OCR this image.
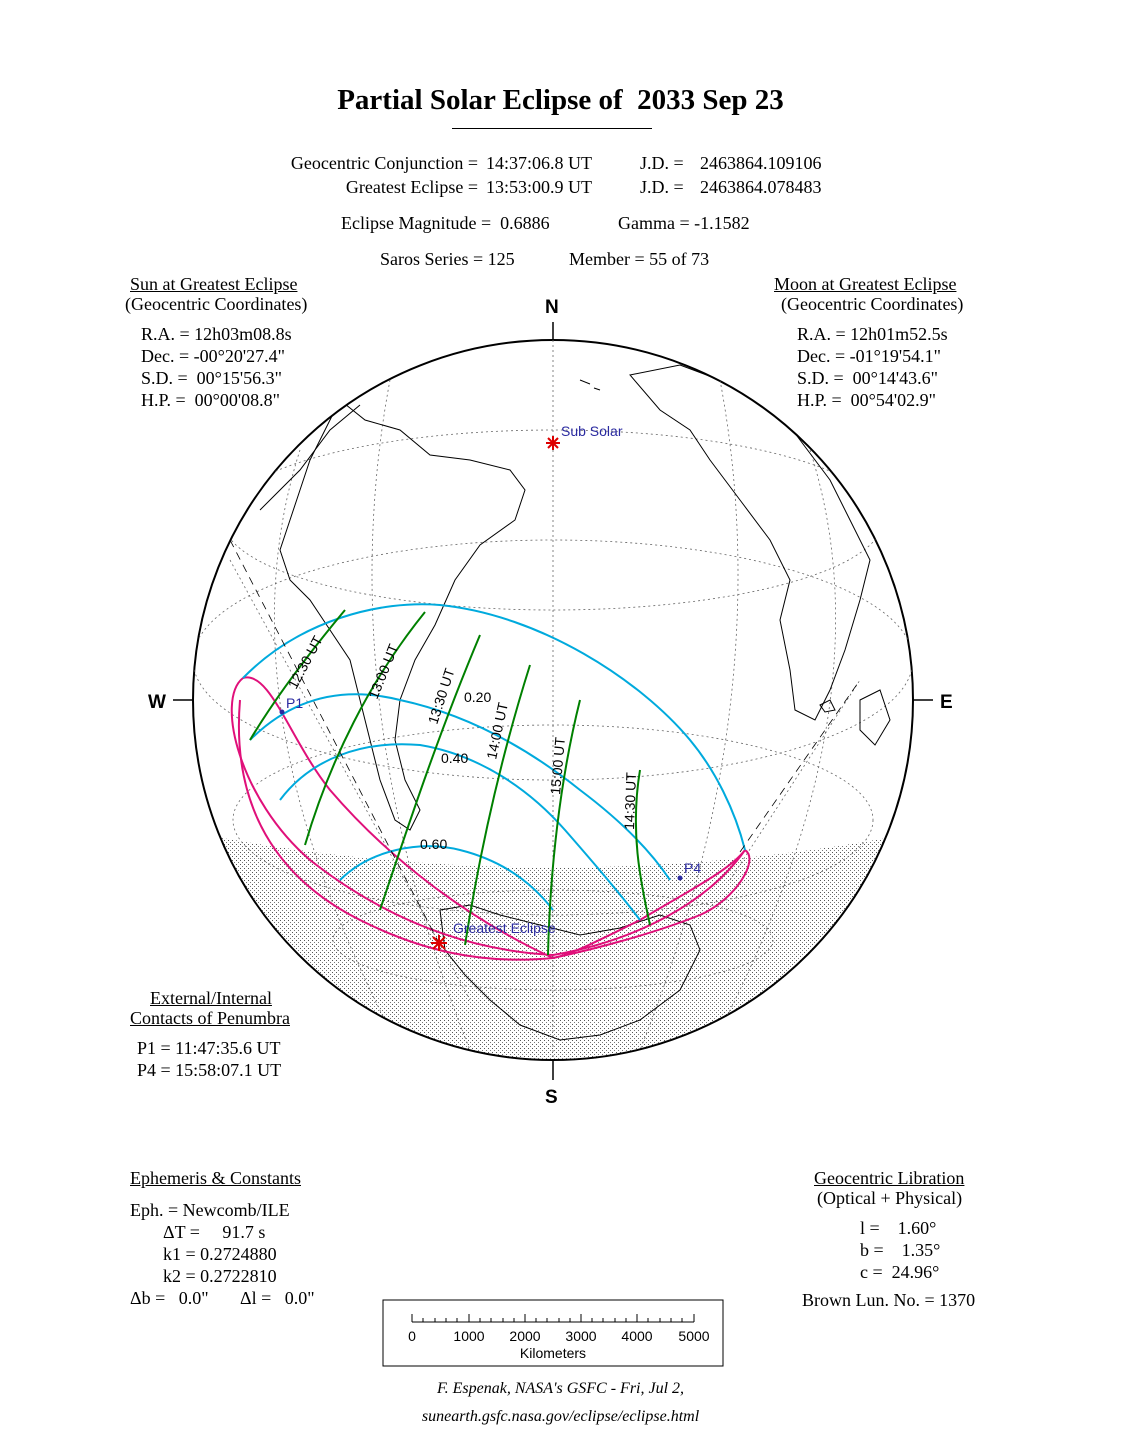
Partial Solar Eclipse of  2033 Sep 23
Geocentric Conjunction = 14:37:06.8 UT	J.D. = 2463864.109106
Greatest Eclipse = 13:53:00.9 UT	J.D. = 2463864.078483
Eclipse Magnitude =  0.6886	Gamma = -1.1582
Saros Series = 125	Member = 55 of 73
Sun at Greatest Eclipse
(Geocentric Coordinates)
R.A. = 12h03m08.8s
Dec. = -00°20'27.4"
S.D. =  00°15'56.3"
H.P. =  00°00'08.8"
Moon at Greatest Eclipse
(Geocentric Coordinates)
R.A. = 12h01m52.5s
Dec. = -01°19'54.1"
S.D. =  00°14'43.6"
H.P. =  00°54'02.9"
N
S
W	E
Sub Solar
Greatest Eclipse
P1
P4
12:30 UT	13:00 UT 13:30 UT
14:00 UT
15:00 UT
14:30 UT
0.20
0.40
0.60
0	1000 2000 3000 4000 5000
Kilometers
External/Internal
Contacts of Penumbra
P1 = 11:47:35.6 UT
P4 = 15:58:07.1 UT
Ephemeris & Constants
Eph. = Newcomb/ILE
ΔT =     91.7 s
k1 = 0.2724880
k2 = 0.2722810
Δb =   0.0" Δl =   0.0"
Geocentric Libration
(Optical + Physical)
l =    1.60°
b =    1.35°
c =  24.96°
Brown Lun. No. = 1370
F. Espenak, NASA's GSFC - Fri, Jul 2,
sunearth.gsfc.nasa.gov/eclipse/eclipse.html
